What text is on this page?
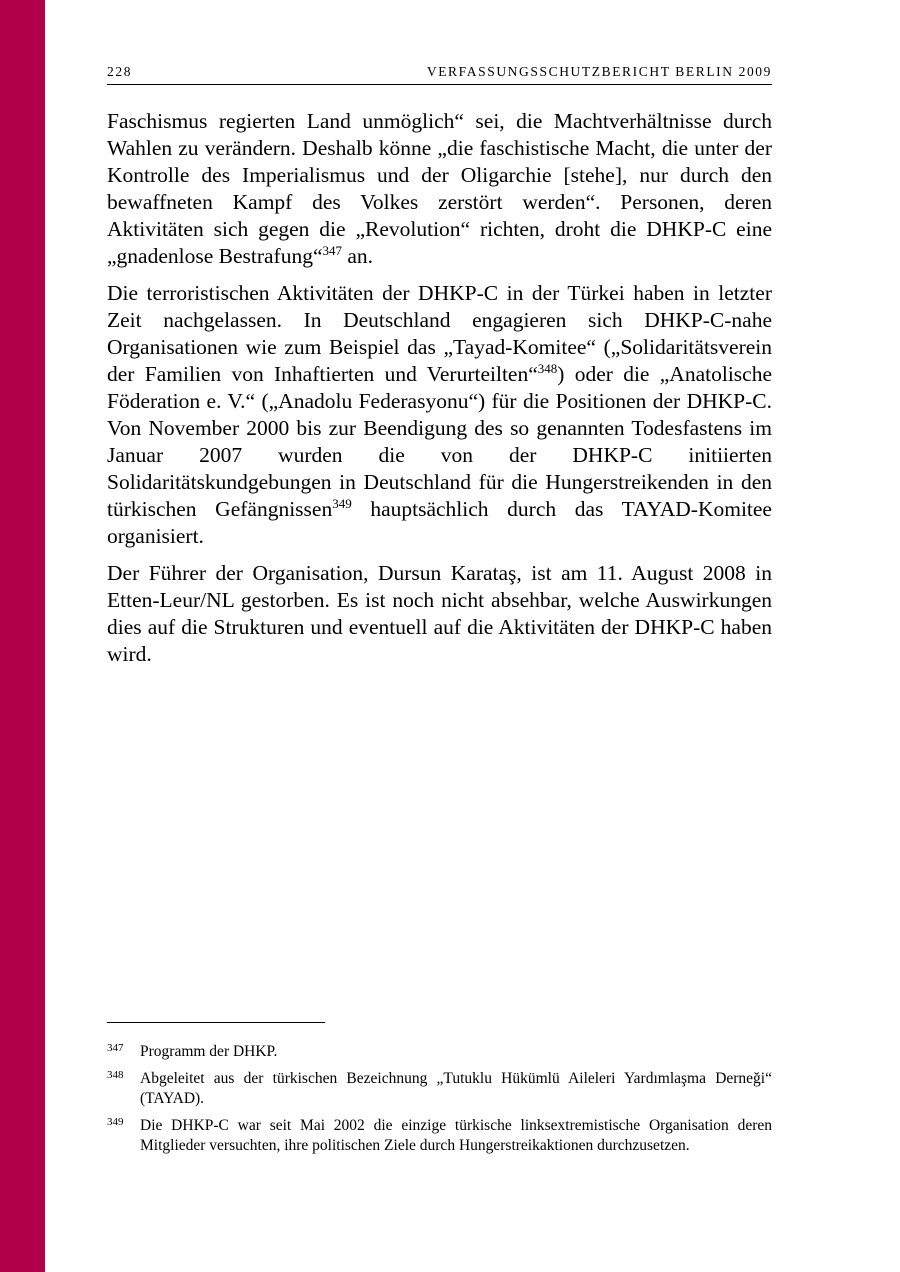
228	VERFASSUNGSSCHUTZBERICHT BERLIN 2009

Faschismus regierten Land unmöglich“ sei, die Machtverhältnisse durch Wahlen zu verändern. Deshalb könne „die faschistische Macht, die unter der Kontrolle des Imperialismus und der Oligarchie [stehe], nur durch den bewaffneten Kampf des Volkes zerstört werden“. Personen, deren Aktivitäten sich gegen die „Revolution“ richten, droht die DHKP-C eine „gnadenlose Bestrafung“$^{347}$ an.

Die terroristischen Aktivitäten der DHKP-C in der Türkei haben in letzter Zeit nachgelassen. In Deutschland engagieren sich DHKP-C-nahe Organisationen wie zum Beispiel das „Tayad-Komitee“ („Solidaritätsverein der Familien von Inhaftierten und Verurteilten“$^{348}$) oder die „Anatolische Föderation e. V.“ („Anadolu Federasyonu“) für die Positionen der DHKP-C. Von November 2000 bis zur Beendigung des so genannten Todesfastens im Januar 2007 wurden die von der DHKP-C initiierten Solidaritätskundgebungen in Deutschland für die Hungerstreikenden in den türkischen Gefängnissen$^{349}$ hauptsächlich durch das TAYAD-Komitee organisiert.

Der Führer der Organisation, Dursun Karataş, ist am 11. August 2008 in Etten-Leur/NL gestorben. Es ist noch nicht absehbar, welche Auswirkungen dies auf die Strukturen und eventuell auf die Aktivitäten der DHKP-C haben wird.

347 Programm der DHKP.
348 Abgeleitet aus der türkischen Bezeichnung „Tutuklu Hükümlü Aileleri Yardımlaşma Derneği“ (TAYAD).
349 Die DHKP-C war seit Mai 2002 die einzige türkische linksextremistische Organisation deren Mitglieder versuchten, ihre politischen Ziele durch Hungerstreikaktionen durchzusetzen.
